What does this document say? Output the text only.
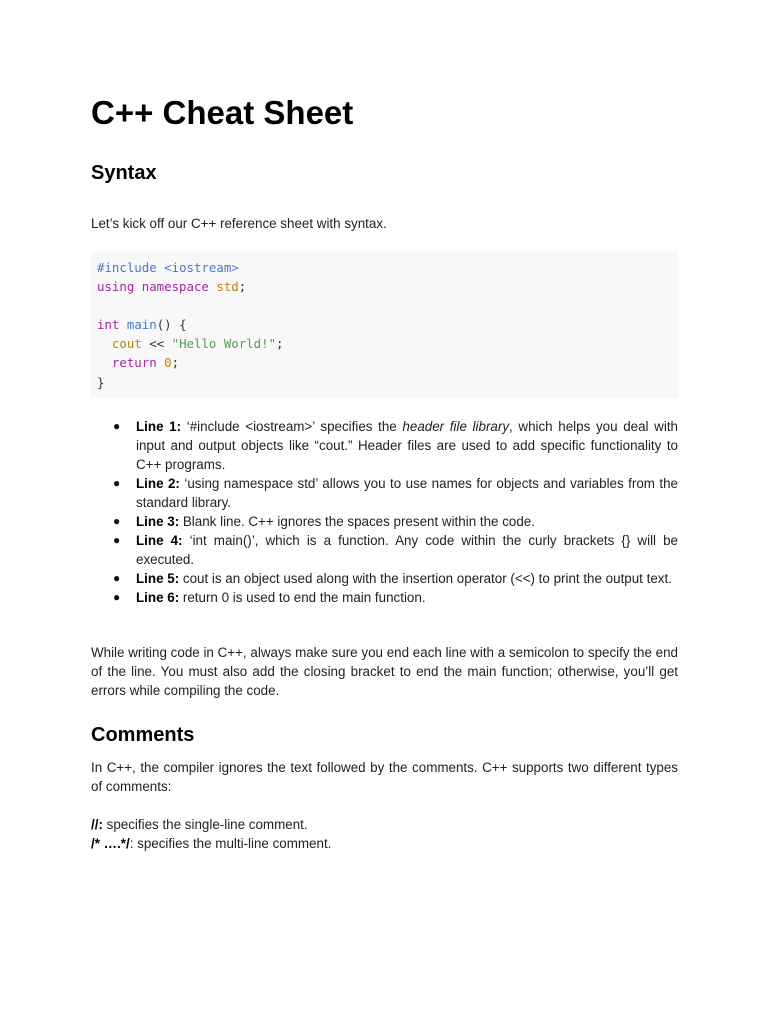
C++ Cheat Sheet
Syntax

Let’s kick off our C++ reference sheet with syntax.

#include <iostream>
using namespace std;

int main() {
cout << "Hello World!";
return 0;
}
● Line 1: ‘#include <iostream>’ specifies the header file library, which helps you deal with input and output objects like “cout.” Header files are used to add specific functionality to C++ programs.
● Line 2: ‘using namespace std’ allows you to use names for objects and variables from the standard library.
● Line 3: Blank line. C++ ignores the spaces present within the code.
● Line 4: ‘int main()’, which is a function. Any code within the curly brackets {} will be executed.
● Line 5: cout is an object used along with the insertion operator (<<) to print the output text.
● Line 6: return 0 is used to end the main function.

While writing code in C++, always make sure you end each line with a semicolon to specify the end of the line. You must also add the closing bracket to end the main function; otherwise, you’ll get errors while compiling the code.

Comments

In C++, the compiler ignores the text followed by the comments. C++ supports two different types of comments:

//: specifies the single-line comment.

/* ….*/: specifies the multi-line comment.
